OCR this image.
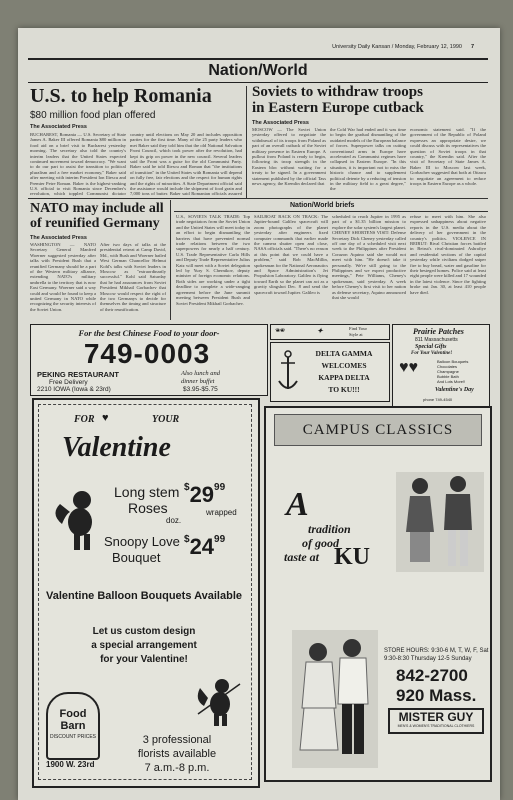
University Daily Kansan / Monday, February 12, 1990 7
Nation/World
U.S. to help Romania
$80 million food plan offered
The Associated Press
BUCHAREST, Romania — U.S. Secretary of State James A. Baker III offered Romania $80 million in food aid on a brief visit to Bucharest yesterday morning. The secretary also told the country's interim leaders that the United States expected continued movement toward democracy. "We want to do our part to assist the transition to political pluralism and a free market economy," Baker said after meeting with interim President Ion Iliescu and Premier Petre Roman. Baker is the highest-ranking U.S. official to visit Romania since December's revolution, which toppled Communist dictator
country until elections on May 20 and includes opposition parties for the first time. Many of the 25 party leaders who met Baker said they told him that the old National Salvation Front Council, which took power after the revolution, had kept its grip on power in the new council. Several leaders said the Front was a guise for the old Communist Party. Baker said he told Iliescu and Roman that "the institutions of transition" in the United States with Romania will depend on fully free, fair elections and the respect for human rights and the rights of minorities. A State Department official said the assistance would include the shipment of food grain and 7,000 tons of butter. Baker said Romanian officials assured
Soviets to withdraw troops
in Eastern Europe cutback
The Associated Press
MOSCOW — The Soviet Union yesterday offered to negotiate the withdrawal of its troops from Poland as part of an overall cutback of the Soviet military presence in Eastern Europe. A pullout from Poland is ready to begin, following its troop strength in the Eastern bloc without waiting for a treaty to be signed. In a government statement published by the official Tass news agency, the Kremlin declared that
the Cold War had ended and it was time to begin the gradual dismantling of the outdated models of the European balance of forces. Superpower talks on cutting conventional arms in Europe have accelerated as Communist regimes have collapsed in Eastern Europe. "In this situation, it is important not to miss the historic chance and to supplement political detente by a reducing of tension in the military field to a great degree," the
economic statement said. "If the government of the Republic of Poland expresses an appropriate desire, we could discuss with its representatives the question of Soviet troops in that country," the Kremlin said. After the visit of Secretary of State James A. Baker III to Moscow last week, Gorbachev suggested that both at Ottawa to negotiate an agreement to reduce troops in Eastern Europe as a whole.
NATO may include all
of reunified Germany
The Associated Press
WASHINGTON — NATO Secretary General Manfred Woerner suggested yesterday after talks with President Bush that a reunified Germany should be a part of the Western military alliance, extending NATO's military umbrella to the territory that is now East Germany. Woerner said a way could and would be found to keep a united Germany in NATO while recognizing the security interests of the Soviet Union.
After two days of talks at the presidential retreat at Camp David, Md., with Bush and Woerner hailed West German Chancellor Helmut Kohl's talks with Soviet leaders in Moscow as "extraordinarily successful." Kohl said Saturday that he had assurances from Soviet President Mikhail Gorbachev that Moscow would respect the right of the two Germanys to decide for themselves the timing and structure of their reunification.
Nation/World briefs
U.S., SOVIETS TALK TRADE: Top trade negotiators from the Soviet Union and the United States will meet today in an effort to begin dismantling the barriers that have prevented normal trade relations between the two superpowers for nearly a half century. U.S. Trade Representative Carla Hills and Deputy Trade Representative Julius Katz will meet with a Soviet delegation led by Yury S. Chernikov, deputy minister of foreign economic relations. Both sides are working under a tight deadline to complete a wide-ranging agreement before the June summit meeting between President Bush and Soviet President Mikhail Gorbachev.
SAILBOAT BACK ON TRACK: The Jupiter-bound Galileo spacecraft will zoom photographs of the planet yesterday after engineers fixed computer commands that earlier made the camera shutter open and close, NASA officials said. "There's no reason at this point that we could have a problem," said Bob MacMillin, spokesman for the National Aeronautics and Space Administration's Jet Propulsion Laboratory. Galileo is flying toward Earth so the planet can act as a gravity slingshot Dec. 8 and send the spacecraft toward Jupiter. Galileo is
scheduled to reach Jupiter in 1995 as part of a $1.35 billion mission to explore the solar system's largest planet. CHENEY SHORTENS VISIT: Defense Secretary Dick Cheney yesterday called off one day of a scheduled visit next week to the Philippines after President Corazon Aquino said she would not meet with him. "He doesn't take it personally. We're still going to the Philippines and we expect productive meetings," Pete Williams, Cheney's spokesman, said yesterday. A week before Cheney's first visit to her nation as defense secretary, Aquino announced that she would
refuse to meet with him. She also expressed unhappiness about negative reports in the U.S. media about the delivery of her government in the country's politics. VIOLENCE IN BEIRUT: Rival Christian forces battled in Beirut's rival-dominated Ashrafiye and residential sections of the capital yesterday while civilians dodged sniper fire to buy bread, water and gasoline for their besieged homes. Police said at least eight people were killed and 17 wounded in the latest violence. Since the fighting broke out Jan. 30, at least 410 people have died.
For the best Chinese Food to your door-
749-0003
PEKING RESTAURANT
Free Delivery
2210 IOWA (Iowa & 23rd)
Also lunch and
dinner buffet
$3.95-$5.75
🕶	✦	Find Your
Style at
DELTA GAMMA
WELCOMES
KAPPA DELTA
TO KU!!!
Prairie Patches
811 Massachusetts
Special Gifts
For Your Valentine!
♥♥	Balloon Bouquets
Chocolates
Champagne
Bubble Bath
And Lots More!!
Valentine's Day
phone 749-4540
FOR ♥	YOUR
Valentine
Long stem
Roses
$^{\$}29^{99}$
wrapped
doz.
Snoopy Love
Bouquet
$^{\$}24^{99}$
Valentine Balloon Bouquets Available
Let us custom design
a special arrangement
for your Valentine!
Food
Barn
DISCOUNT PRICES
1900 W. 23rd
3 professional
florists available
7 a.m.-8 p.m.
CAMPUS CLASSICS
A
tradition
of good
taste at KU
STORE HOURS: 9:30-6 M, T, W, F, Sat
9:30-8:30 Thursday 12-5 Sunday
842-2700
920 Mass.
MISTER GUY
MEN'S & WOMEN'S TRADITIONAL CLOTHIERS
